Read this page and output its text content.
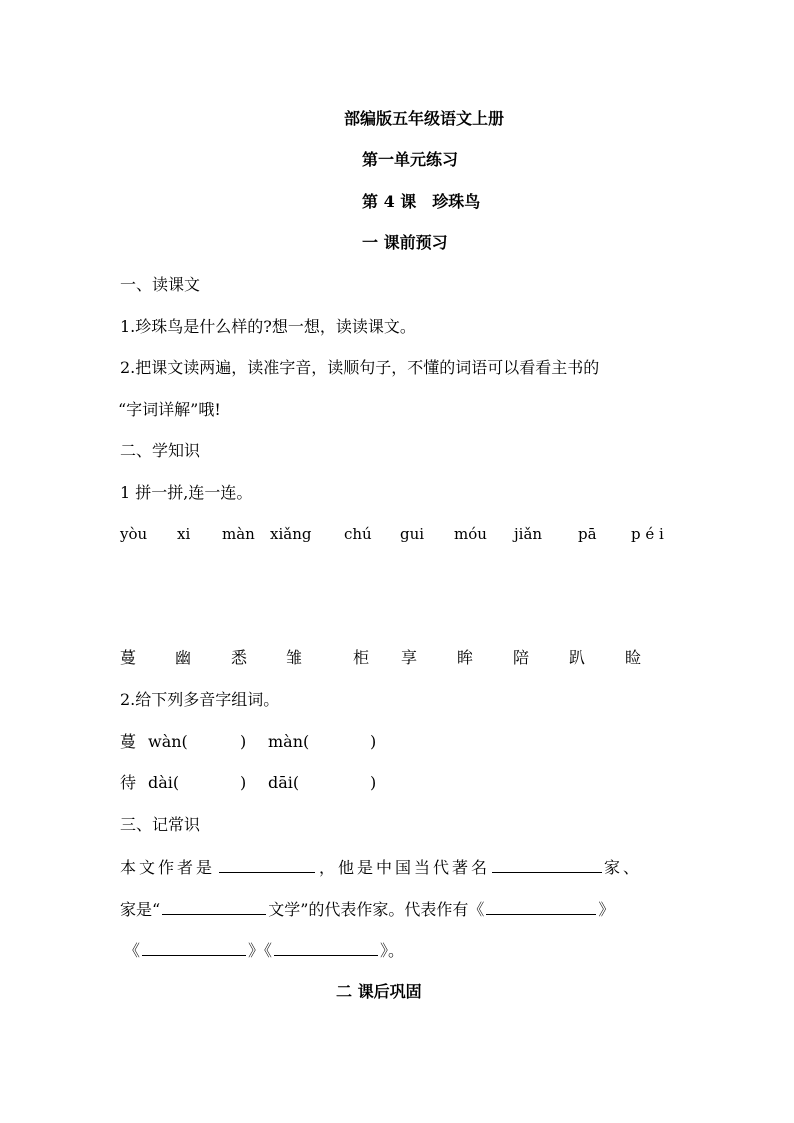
部编版五年级语文上册
第一单元练习
第 4 课　珍珠鸟
一 课前预习
一、读课文
1.珍珠鸟是什么样的?想一想，读读课文。
2.把课文读两遍，读准字音，读顺句子，不懂的词语可以看看主书的
“字词详解”哦!
二、学知识
1 拼一拼,连一连。
yòu xi màn xiǎng chú gui móu jiǎn pā p é i
蔓 幽 悉 雏	柜 享 眸 陪 趴 睑
2.给下列多音字组词。
蔓 wàn(	) màn(	)
待 dài(	) dāi(	)
三、记常识
本文作者是	，他是中国当代著名	家、
家是“	文学”的代表作家。代表作有《	》
《	》《	》。
二 课后巩固
